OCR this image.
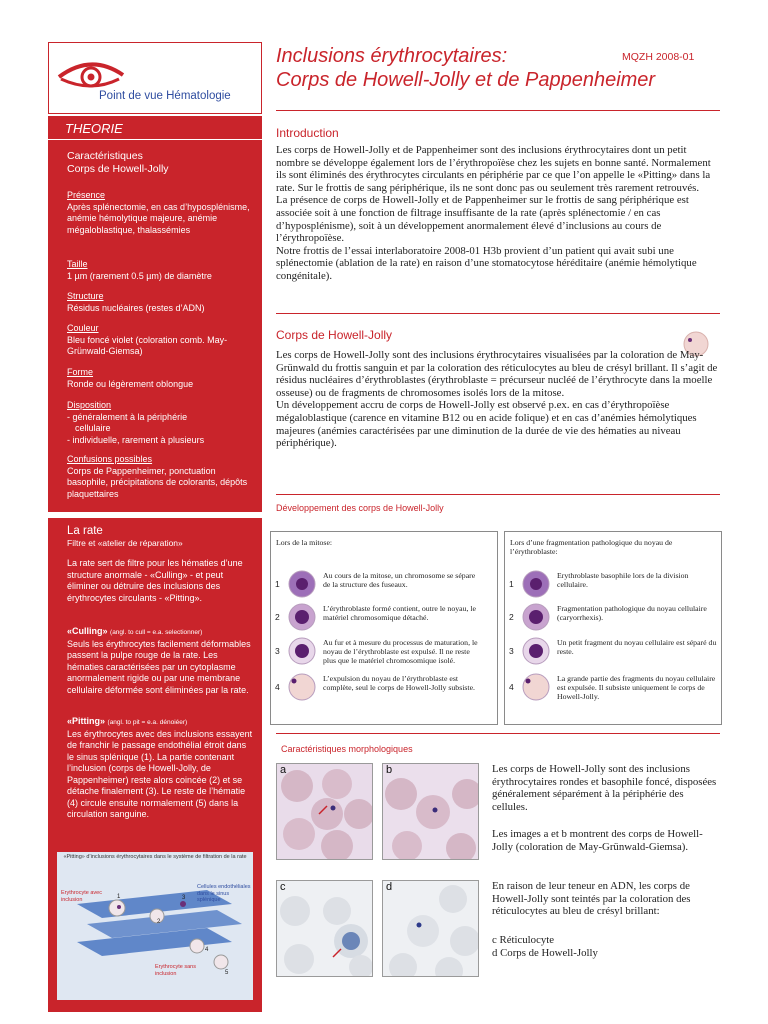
Point de vue Hématologie
THEORIE
Caractéristiques
Corps de Howell-Jolly
Présence
Après splénectomie, en cas d’hyposplénisme, anémie hémolytique majeure, anémie mégaloblastique, thalassémies
Taille
1 µm (rarement 0.5 µm) de diamètre
Structure
Résidus nucléaires (restes d’ADN)
Couleur
Bleu foncé violet (coloration comb. May-Grünwald-Giemsa)
Forme
Ronde ou légèrement oblongue
Disposition
- généralement à la périphérie
cellulaire
- individuelle, rarement à plusieurs
Confusions possibles
Corps de Pappenheimer, ponctuation basophile, précipitations de colorants, dépôts plaquettaires
La rate
Filtre et «atelier de réparation»
La rate sert de filtre pour les hématies d’une structure anormale - «Culling» - et peut éliminer ou détruire des inclusions des érythrocytes circulants - «Pitting».
«Culling» (angl. to cull = e.a. selectionner)
Seuls les érythrocytes facilement déformables passent la pulpe rouge de la rate. Les hématies caractérisées par un cytoplasme anormalement rigide ou par une membrane cellulaire déformée sont éliminées par la rate.
«Pitting» (angl. to pit = e.a. dénoiéer)
Les érythrocytes avec des inclusions essayent de franchir le passage endothélial étroit dans le sinus splénique (1). La partie contenant l’inclusion (corps de Howell-Jolly, de Pappenheimer) reste alors coincée (2) et se détache finalement (3). Le reste de l’hématie (4) circule ensuite normalement (5) dans la circulation sanguine.
2
3
1
4
5
«Pitting» d’inclusions érythrocytaires dans le système de filtration de la rate
Erythrocyte avec inclusion
Cellules endothéliales dans le sinus splénique
Erythrocyte sans inclusion
Inclusions érythrocytaires:
Corps de Howell-Jolly et de Pappenheimer
MQZH 2008-01
Introduction
Les corps de Howell-Jolly et de Pappenheimer sont des inclusions érythrocytaires dont un petit nombre se développe également lors de l’érythropoïèse chez les sujets en bonne santé. Normalement ils sont éliminés des érythrocytes circulants en périphérie par ce que l’on appelle le «Pitting» dans la rate. Sur le frottis de sang périphérique, ils ne sont donc pas ou seulement très rarement retrouvés.
La présence de corps de Howell-Jolly et de Pappenheimer sur le frottis de sang périphérique est associée soit à une fonction de filtrage insuffisante de la rate (après splénectomie / en cas d’hyposplénisme), soit à un développement anormalement élevé d’inclusions au cours de l’érythropoïèse.
Notre frottis de l’essai interlaboratoire 2008-01 H3b provient d’un patient qui avait subi une splénectomie (ablation de la rate) en raison d’une stomatocytose héréditaire (anémie hémolytique congénitale).
Corps de Howell-Jolly
Les corps de Howell-Jolly sont des inclusions érythrocytaires visualisées par la coloration de May-Grünwald du frottis sanguin et par la coloration des réticulocytes au bleu de crésyl brillant. Il s’agit de résidus nucléaires d’érythroblastes (érythroblaste = précurseur nucléé de l’érythrocyte dans la moelle osseuse) ou de fragments de chromosomes isolés lors de la mitose.
Un développement accru de corps de Howell-Jolly est observé p.ex. en cas d’érythropoïèse mégaloblastique (carence en vitamine B12 ou en acide folique) et en cas d’anémies hémolytiques majeures (anémies caractérisées par une diminution de la durée de vie des hématies au niveau périphérique).
Développement des corps de Howell-Jolly
Lors de la mitose:
1
Au cours de la mitose, un chromosome se sépare de la structure des fuseaux.
2
L’érythroblaste formé contient, outre le noyau, le matériel chromosomique détaché.
3
Au fur et à mesure du processus de maturation, le noyau de l’érythroblaste est expulsé. Il ne reste plus que le matériel chromosomique isolé.
4
L’expulsion du noyau de l’érythroblaste est complète, seul le corps de Howell-Jolly subsiste.
Lors d’une fragmentation pathologique du noyau de l’érythroblaste:
1
Erythroblaste basophile lors de la division cellulaire.
2
Fragmentation pathologique du noyau cellulaire (caryorrhexis).
3
Un petit fragment du noyau cellulaire est séparé du reste.
4
La grande partie des fragments du noyau cellulaire est expulsée. Il subsiste uniquement le corps de Howell-Jolly.
Caractéristiques morphologiques
a	b
c	d
Les corps de Howell-Jolly sont des inclusions érythrocytaires rondes et basophile foncé, disposées généralement séparément à la périphérie des cellules.
Les images a et b montrent des corps de Howell-Jolly (coloration de May-Grünwald-Giemsa).
En raison de leur teneur en ADN, les corps de Howell-Jolly sont teintés par la coloration des réticulocytes au bleu de crésyl brillant:
c Réticulocyte
d Corps de Howell-Jolly
